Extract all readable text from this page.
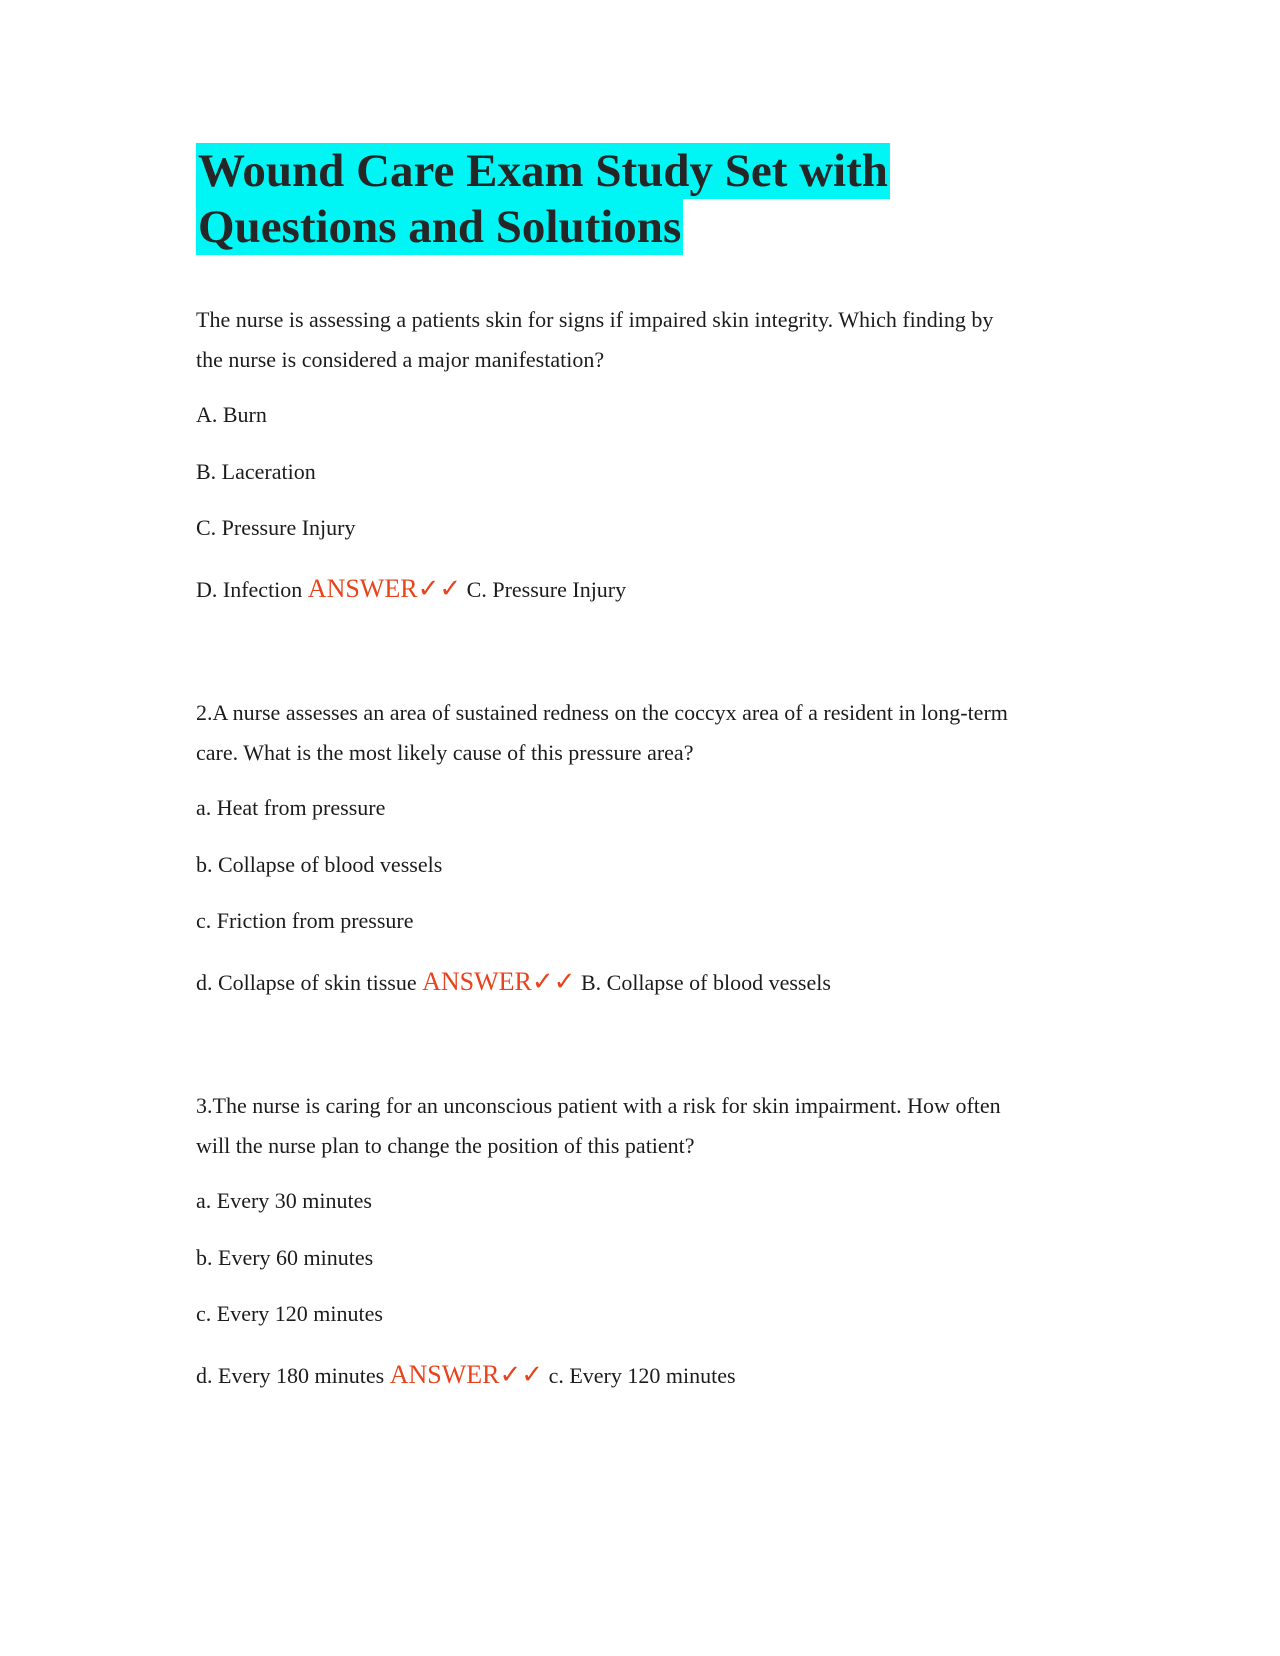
Wound Care Exam Study Set with
Questions and Solutions

The nurse is assessing a patients skin for signs if impaired skin integrity. Which finding by

the nurse is considered a major manifestation?

A. Burn

B. Laceration

C. Pressure Injury

D. Infection ANSWER✓✓ C. Pressure Injury

2.A nurse assesses an area of sustained redness on the coccyx area of a resident in long-term

care. What is the most likely cause of this pressure area?

a. Heat from pressure

b. Collapse of blood vessels

c. Friction from pressure

d. Collapse of skin tissue ANSWER✓✓ B. Collapse of blood vessels

3.The nurse is caring for an unconscious patient with a risk for skin impairment. How often

will the nurse plan to change the position of this patient?

a. Every 30 minutes

b. Every 60 minutes

c. Every 120 minutes

d. Every 180 minutes ANSWER✓✓ c. Every 120 minutes
